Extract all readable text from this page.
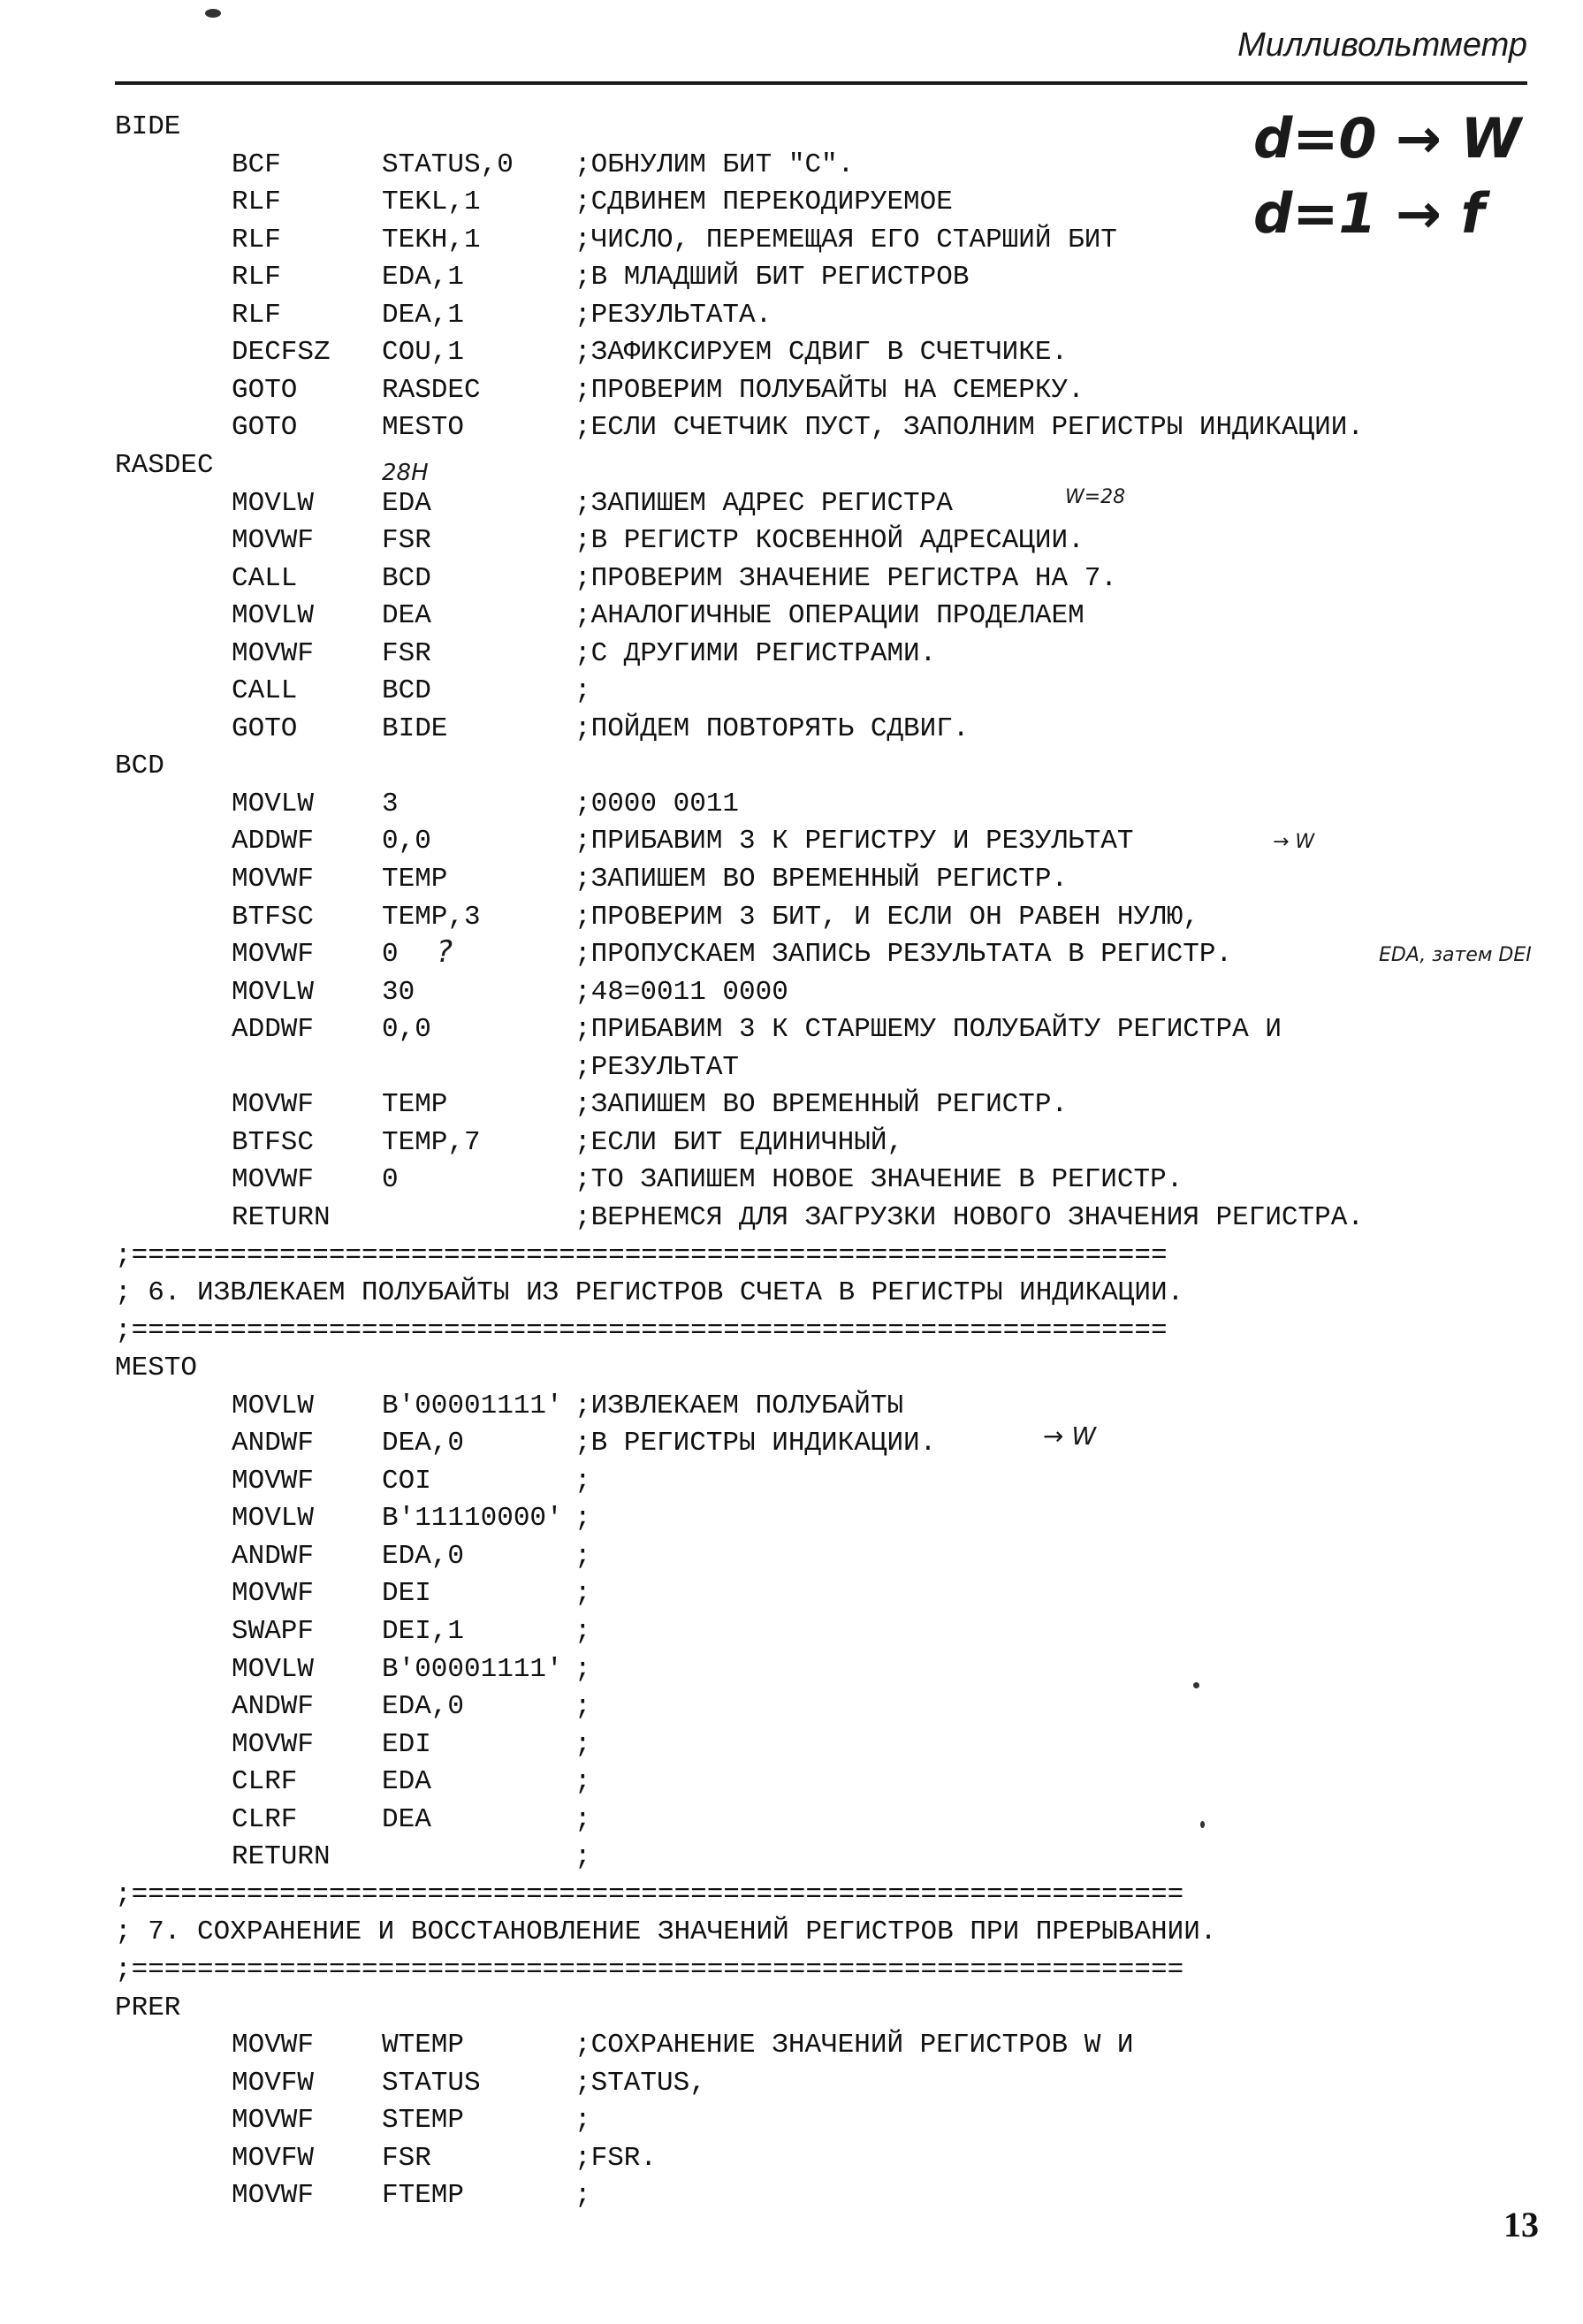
Милливольтметр
BIDE
BCF	STATUS,0 ;ОБНУЛИМ БИТ "С".
RLF	TEKL,1	;СДВИНЕМ ПЕРЕКОДИРУЕМОЕ
RLF	TEKH,1	;ЧИСЛО, ПЕРЕМЕЩАЯ ЕГО СТАРШИЙ БИТ
RLF	EDA,1	;В МЛАДШИЙ БИТ РЕГИСТРОВ
RLF	DEA,1	;РЕЗУЛЬТАТА.
DECFSZ COU,1	;ЗАФИКСИРУЕМ СДВИГ В СЧЕТЧИКЕ.
GOTO	RASDEC	;ПРОВЕРИМ ПОЛУБАЙТЫ НА СЕМЕРКУ.
GOTO	MESTO	;ЕСЛИ СЧЕТЧИК ПУСТ, ЗАПОЛНИМ РЕГИСТРЫ ИНДИКАЦИИ.
RASDEC
MOVLW EDA	;ЗАПИШЕМ АДРЕС РЕГИСТРА
MOVWF FSR	;В РЕГИСТР КОСВЕННОЙ АДРЕСАЦИИ.
CALL	BCD	;ПРОВЕРИМ ЗНАЧЕНИЕ РЕГИСТРА НА 7.
MOVLW DEA	;АНАЛОГИЧНЫЕ ОПЕРАЦИИ ПРОДЕЛАЕМ
MOVWF FSR	;С ДРУГИМИ РЕГИСТРАМИ.
CALL	BCD	;
GOTO	BIDE	;ПОЙДЕМ ПОВТОРЯТЬ СДВИГ.
BCD
MOVLW 3	;0000 0011
ADDWF 0,0	;ПРИБАВИМ 3 К РЕГИСТРУ И РЕЗУЛЬТАТ
MOVWF TEMP	;ЗАПИШЕМ ВО ВРЕМЕННЫЙ РЕГИСТР.
BTFSC TEMP,3	;ПРОВЕРИМ 3 БИТ, И ЕСЛИ ОН РАВЕН НУЛЮ,
MOVWF 0	;ПРОПУСКАЕМ ЗАПИСЬ РЕЗУЛЬТАТА В РЕГИСТР.
MOVLW 30	;48=0011 0000
ADDWF 0,0	;ПРИБАВИМ 3 К СТАРШЕМУ ПОЛУБАЙТУ РЕГИСТРА И
;РЕЗУЛЬТАТ
MOVWF TEMP	;ЗАПИШЕМ ВО ВРЕМЕННЫЙ РЕГИСТР.
BTFSC TEMP,7	;ЕСЛИ БИТ ЕДИНИЧНЫЙ,
MOVWF 0	;ТО ЗАПИШЕМ НОВОЕ ЗНАЧЕНИЕ В РЕГИСТР.
RETURN	;ВЕРНЕМСЯ ДЛЯ ЗАГРУЗКИ НОВОГО ЗНАЧЕНИЯ РЕГИСТРА.
;===============================================================
; 6. ИЗВЛЕКАЕМ ПОЛУБАЙТЫ ИЗ РЕГИСТРОВ СЧЕТА В РЕГИСТРЫ ИНДИКАЦИИ.
;===============================================================
MESTO
MOVLW B'00001111' ;ИЗВЛЕКАЕМ ПОЛУБАЙТЫ
ANDWF DEA,0	;В РЕГИСТРЫ ИНДИКАЦИИ.
MOVWF COI	;
MOVLW B'11110000' ;
ANDWF EDA,0	;
MOVWF DEI	;
SWAPF DEI,1	;
MOVLW B'00001111' ;
ANDWF EDA,0	;
MOVWF EDI	;
CLRF	EDA	;
CLRF	DEA	;
RETURN	;
;================================================================
; 7. СОХРАНЕНИЕ И ВОССТАНОВЛЕНИЕ ЗНАЧЕНИЙ РЕГИСТРОВ ПРИ ПРЕРЫВАНИИ.
;================================================================
PRER
MOVWF WTEMP	;СОХРАНЕНИЕ ЗНАЧЕНИЙ РЕГИСТРОВ W И
MOVFW STATUS	;STATUS,
MOVWF STEMP	;
MOVFW FSR	;FSR.
MOVWF FTEMP	;
d=0 → W
d=1 → f
28H
W=28
?
→ W
EDA, затем DEI
→ W
13
